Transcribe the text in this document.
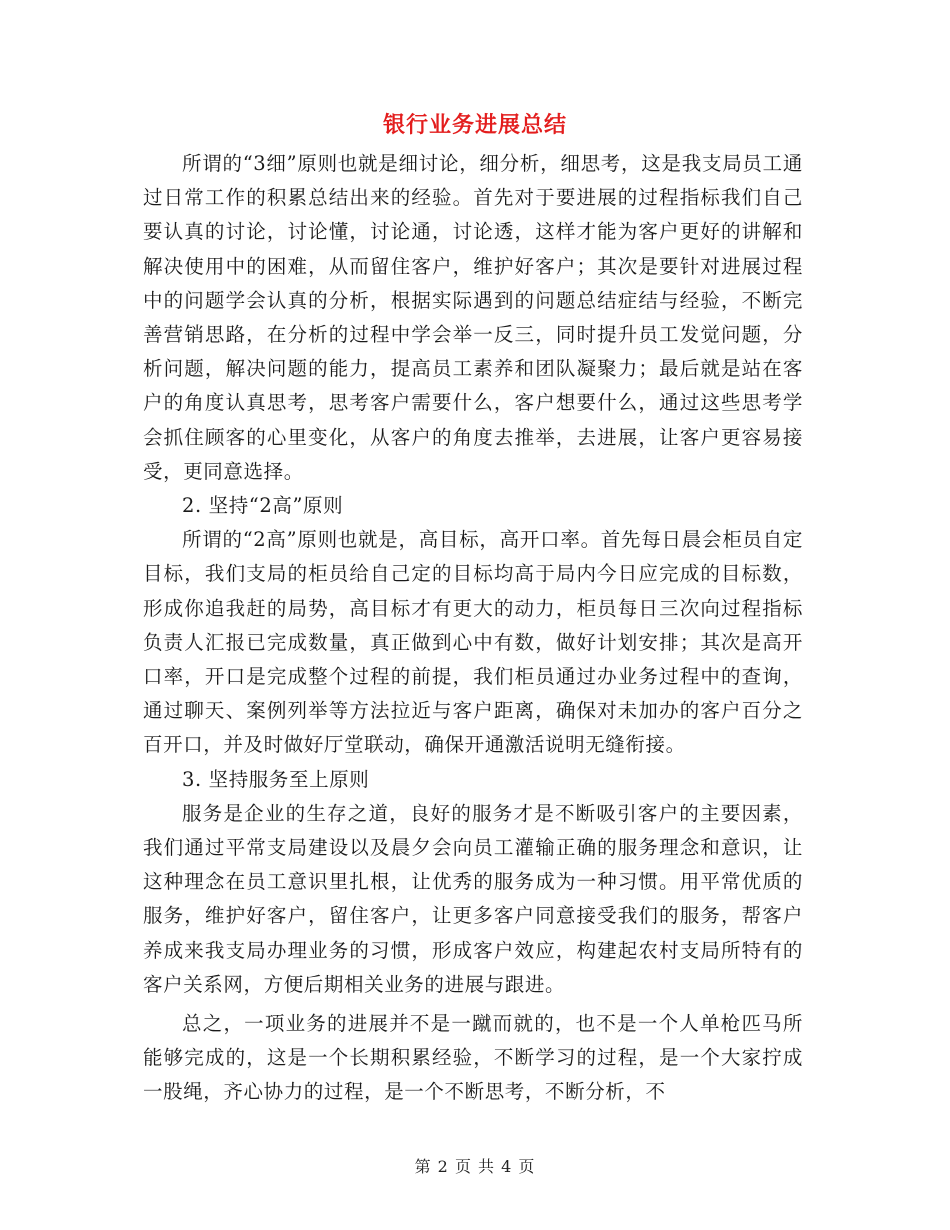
银行业务进展总结

所谓的“3细”原则也就是细讨论，细分析，细思考，这是我支局员工通过日常工作的积累总结出来的经验。首先对于要进展的过程指标我们自己要认真的讨论，讨论懂，讨论通，讨论透，这样才能为客户更好的讲解和解决使用中的困难，从而留住客户，维护好客户；其次是要针对进展过程中的问题学会认真的分析，根据实际遇到的问题总结症结与经验，不断完善营销思路，在分析的过程中学会举一反三，同时提升员工发觉问题，分析问题，解决问题的能力，提高员工素养和团队凝聚力；最后就是站在客户的角度认真思考，思考客户需要什么，客户想要什么，通过这些思考学会抓住顾客的心里变化，从客户的角度去推举，去进展，让客户更容易接受，更同意选择。

2. 坚持“2高”原则

所谓的“2高”原则也就是，高目标，高开口率。首先每日晨会柜员自定目标，我们支局的柜员给自己定的目标均高于局内今日应完成的目标数，形成你追我赶的局势，高目标才有更大的动力，柜员每日三次向过程指标负责人汇报已完成数量，真正做到心中有数，做好计划安排；其次是高开口率，开口是完成整个过程的前提，我们柜员通过办业务过程中的查询，通过聊天、案例列举等方法拉近与客户距离，确保对未加办的客户百分之百开口，并及时做好厅堂联动，确保开通激活说明无缝衔接。

3. 坚持服务至上原则

服务是企业的生存之道，良好的服务才是不断吸引客户的主要因素，我们通过平常支局建设以及晨夕会向员工灌输正确的服务理念和意识，让这种理念在员工意识里扎根，让优秀的服务成为一种习惯。用平常优质的服务，维护好客户，留住客户，让更多客户同意接受我们的服务，帮客户养成来我支局办理业务的习惯，形成客户效应，构建起农村支局所特有的客户关系网，方便后期相关业务的进展与跟进。

总之，一项业务的进展并不是一蹴而就的，也不是一个人单枪匹马所能够完成的，这是一个长期积累经验，不断学习的过程，是一个大家拧成一股绳，齐心协力的过程，是一个不断思考，不断分析，不

第 2 页 共 4 页
